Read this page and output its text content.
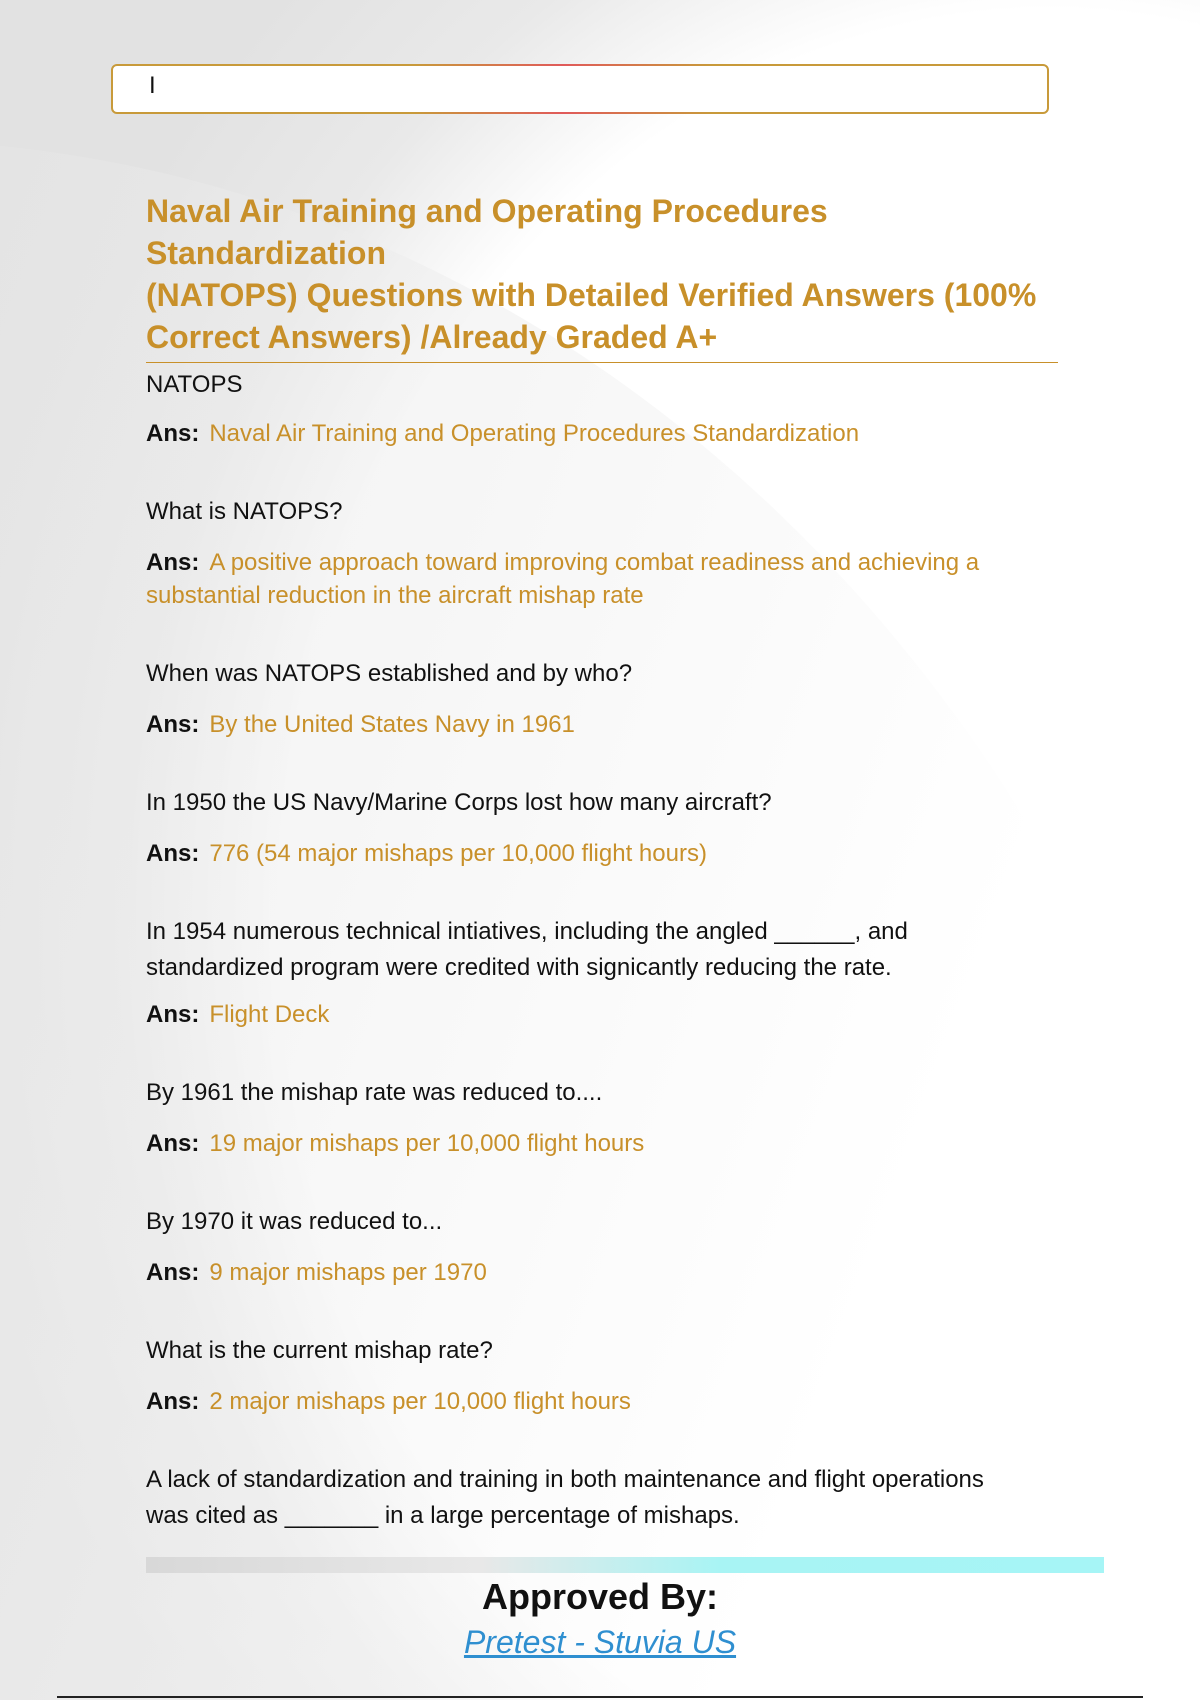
I
Naval Air Training and Operating Procedures Standardization
(NATOPS) Questions with Detailed Verified Answers (100%
Correct Answers) /Already Graded A+
NATOPS
Ans: Naval Air Training and Operating Procedures Standardization
What is NATOPS?
Ans: A positive approach toward improving combat readiness and achieving a
substantial reduction in the aircraft mishap rate
When was NATOPS established and by who?
Ans: By the United States Navy in 1961
In 1950 the US Navy/Marine Corps lost how many aircraft?
Ans: 776 (54 major mishaps per 10,000 flight hours)
In 1954 numerous technical intiatives, including the angled ______, and
standardized program were credited with signicantly reducing the rate.
Ans: Flight Deck
By 1961 the mishap rate was reduced to....
Ans: 19 major mishaps per 10,000 flight hours
By 1970 it was reduced to...
Ans: 9 major mishaps per 1970
What is the current mishap rate?
Ans: 2 major mishaps per 10,000 flight hours
A lack of standardization and training in both maintenance and flight operations
was cited as _______ in a large percentage of mishaps.
Approved By:
Pretest - Stuvia US
